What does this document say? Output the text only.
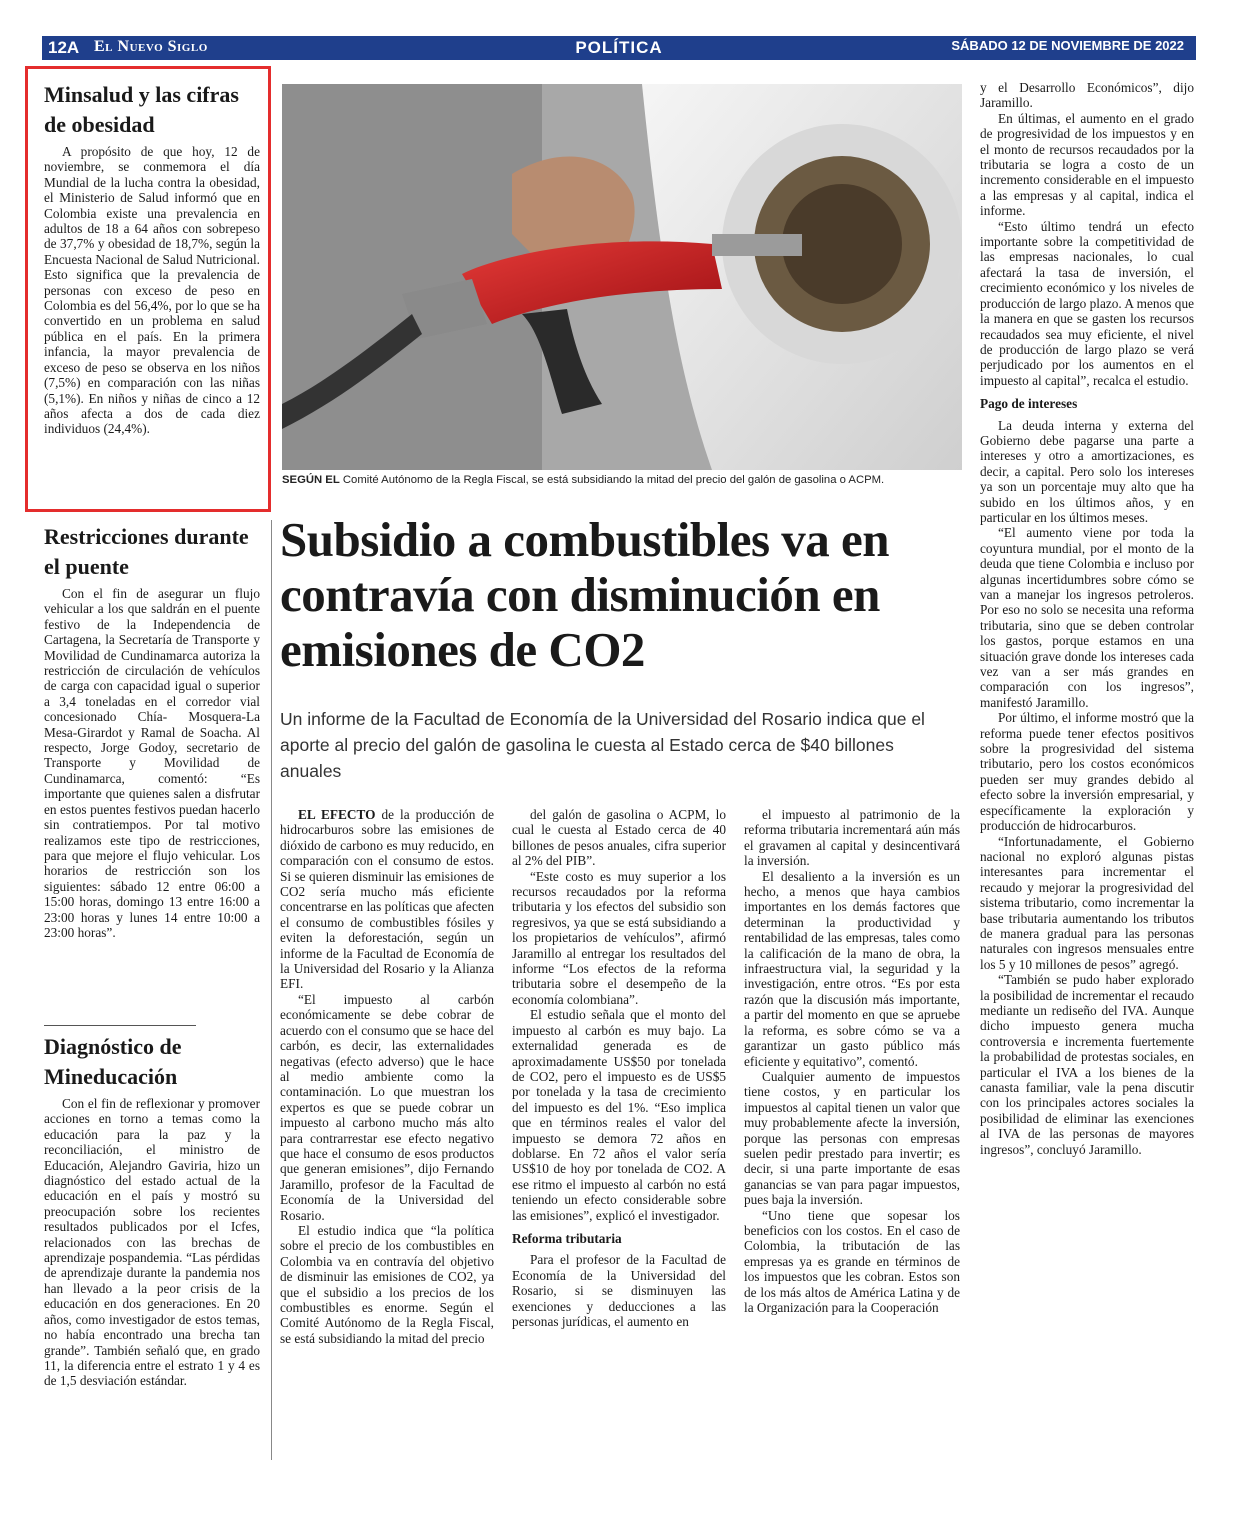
12A El Nuevo Siglo	POLÍTICA	SÁBADO 12 DE NOVIEMBRE DE 2022
Minsalud y las cifras de obesidad

A propósito de que hoy, 12 de noviembre, se conmemora el día Mundial de la lucha contra la obesidad, el Ministerio de Salud informó que en Colombia existe una prevalencia en adultos de 18 a 64 años con sobrepeso de 37,7% y obesidad de 18,7%, según la Encuesta Nacional de Salud Nutricional. Esto significa que la prevalencia de personas con exceso de peso en Colombia es del 56,4%, por lo que se ha convertido en un problema en salud pública en el país. En la primera infancia, la mayor prevalencia de exceso de peso se observa en los niños (7,5%) en comparación con las niñas (5,1%). En niños y niñas de cinco a 12 años afecta a dos de cada diez individuos (24,4%).

Restricciones durante el puente

Con el fin de asegurar un flujo vehicular a los que saldrán en el puente festivo de la Independencia de Cartagena, la Secretaría de Transporte y Movilidad de Cundinamarca autoriza la restricción de circulación de vehículos de carga con capacidad igual o superior a 3,4 toneladas en el corredor vial concesionado Chía- Mosquera-La Mesa-Girardot y Ramal de Soacha. Al respecto, Jorge Godoy, secretario de Transporte y Movilidad de Cundinamarca, comentó: “Es importante que quienes salen a disfrutar en estos puentes festivos puedan hacerlo sin contratiempos. Por tal motivo realizamos este tipo de restricciones, para que mejore el flujo vehicular. Los horarios de restricción son los siguientes: sábado 12 entre 06:00 a 15:00 horas, domingo 13 entre 16:00 a 23:00 horas y lunes 14 entre 10:00 a 23:00 horas”.

Diagnóstico de Mineducación

Con el fin de reflexionar y promover acciones en torno a temas como la educación para la paz y la reconciliación, el ministro de Educación, Alejandro Gaviria, hizo un diagnóstico del estado actual de la educación en el país y mostró su preocupación sobre los recientes resultados publicados por el Icfes, relacionados con las brechas de aprendizaje pospandemia. “Las pérdidas de aprendizaje durante la pandemia nos han llevado a la peor crisis de la educación en dos generaciones. En 20 años, como investigador de estos temas, no había encontrado una brecha tan grande”. También señaló que, en grado 11, la diferencia entre el estrato 1 y 4 es de 1,5 desviación estándar.

SEGÚN EL Comité Autónomo de la Regla Fiscal, se está subsidiando la mitad del precio del galón de gasolina o ACPM.
Subsidio a combustibles va en contravía con disminución en emisiones de CO2
Un informe de la Facultad de Economía de la Universidad del Rosario indica que el aporte al precio del galón de gasolina le cuesta al Estado cerca de $40 billones anuales

EL EFECTO de la producción de hidrocarburos sobre las emisiones de dióxido de carbono es muy reducido, en comparación con el consumo de estos. Si se quieren disminuir las emisiones de CO2 sería mucho más eficiente concentrarse en las políticas que afecten el consumo de combustibles fósiles y eviten la deforestación, según un informe de la Facultad de Economía de la Universidad del Rosario y la Alianza EFI.

“El impuesto al carbón económicamente se debe cobrar de acuerdo con el consumo que se hace del carbón, es decir, las externalidades negativas (efecto adverso) que le hace al medio ambiente como la contaminación. Lo que muestran los expertos es que se puede cobrar un impuesto al carbono mucho más alto para contrarrestar ese efecto negativo que hace el consumo de esos productos que generan emisiones”, dijo Fernando Jaramillo, profesor de la Facultad de Economía de la Universidad del Rosario.

El estudio indica que “la política sobre el precio de los combustibles en Colombia va en contravía del objetivo de disminuir las emisiones de CO2, ya que el subsidio a los precios de los combustibles es enorme. Según el Comité Autónomo de la Regla Fiscal, se está subsidiando la mitad del precio

del galón de gasolina o ACPM, lo cual le cuesta al Estado cerca de 40 billones de pesos anuales, cifra superior al 2% del PIB”.

“Este costo es muy superior a los recursos recaudados por la reforma tributaria y los efectos del subsidio son regresivos, ya que se está subsidiando a los propietarios de vehículos”, afirmó Jaramillo al entregar los resultados del informe “Los efectos de la reforma tributaria sobre el desempeño de la economía colombiana”.

El estudio señala que el monto del impuesto al carbón es muy bajo. La externalidad generada es de aproximadamente US$50 por tonelada de CO2, pero el impuesto es de US$5 por tonelada y la tasa de crecimiento del impuesto es del 1%. “Eso implica que en términos reales el valor del impuesto se demora 72 años en doblarse. En 72 años el valor sería US$10 de hoy por tonelada de CO2. A ese ritmo el impuesto al carbón no está teniendo un efecto considerable sobre las emisiones”, explicó el investigador.

Reforma tributaria

Para el profesor de la Facultad de Economía de la Universidad del Rosario, si se disminuyen las exenciones y deducciones a las personas jurídicas, el aumento en

el impuesto al patrimonio de la reforma tributaria incrementará aún más el gravamen al capital y desincentivará la inversión.

El desaliento a la inversión es un hecho, a menos que haya cambios importantes en los demás factores que determinan la productividad y rentabilidad de las empresas, tales como la calificación de la mano de obra, la infraestructura vial, la seguridad y la investigación, entre otros. “Es por esta razón que la discusión más importante, a partir del momento en que se apruebe la reforma, es sobre cómo se va a garantizar un gasto público más eficiente y equitativo”, comentó.

Cualquier aumento de impuestos tiene costos, y en particular los impuestos al capital tienen un valor que muy probablemente afecte la inversión, porque las personas con empresas suelen pedir prestado para invertir; es decir, si una parte importante de esas ganancias se van para pagar impuestos, pues baja la inversión.

“Uno tiene que sopesar los beneficios con los costos. En el caso de Colombia, la tributación de las empresas ya es grande en términos de los impuestos que les cobran. Estos son de los más altos de América Latina y de la Organización para la Cooperación

y el Desarrollo Económicos”, dijo Jaramillo.

En últimas, el aumento en el grado de progresividad de los impuestos y en el monto de recursos recaudados por la tributaria se logra a costo de un incremento considerable en el impuesto a las empresas y al capital, indica el informe.

“Esto último tendrá un efecto importante sobre la competitividad de las empresas nacionales, lo cual afectará la tasa de inversión, el crecimiento económico y los niveles de producción de largo plazo. A menos que la manera en que se gasten los recursos recaudados sea muy eficiente, el nivel de producción de largo plazo se verá perjudicado por los aumentos en el impuesto al capital”, recalca el estudio.

Pago de intereses

La deuda interna y externa del Gobierno debe pagarse una parte a intereses y otro a amortizaciones, es decir, a capital. Pero solo los intereses ya son un porcentaje muy alto que ha subido en los últimos años, y en particular en los últimos meses.

“El aumento viene por toda la coyuntura mundial, por el monto de la deuda que tiene Colombia e incluso por algunas incertidumbres sobre cómo se van a manejar los ingresos petroleros. Por eso no solo se necesita una reforma tributaria, sino que se deben controlar los gastos, porque estamos en una situación grave donde los intereses cada vez van a ser más grandes en comparación con los ingresos”, manifestó Jaramillo.

Por último, el informe mostró que la reforma puede tener efectos positivos sobre la progresividad del sistema tributario, pero los costos económicos pueden ser muy grandes debido al efecto sobre la inversión empresarial, y específicamente la exploración y producción de hidrocarburos.

“Infortunadamente, el Gobierno nacional no exploró algunas pistas interesantes para incrementar el recaudo y mejorar la progresividad del sistema tributario, como incrementar la base tributaria aumentando los tributos de manera gradual para las personas naturales con ingresos mensuales entre los 5 y 10 millones de pesos” agregó.

“También se pudo haber explorado la posibilidad de incrementar el recaudo mediante un rediseño del IVA. Aunque dicho impuesto genera mucha controversia e incrementa fuertemente la probabilidad de protestas sociales, en particular el IVA a los bienes de la canasta familiar, vale la pena discutir con los principales actores sociales la posibilidad de eliminar las exenciones al IVA de las personas de mayores ingresos”, concluyó Jaramillo.
